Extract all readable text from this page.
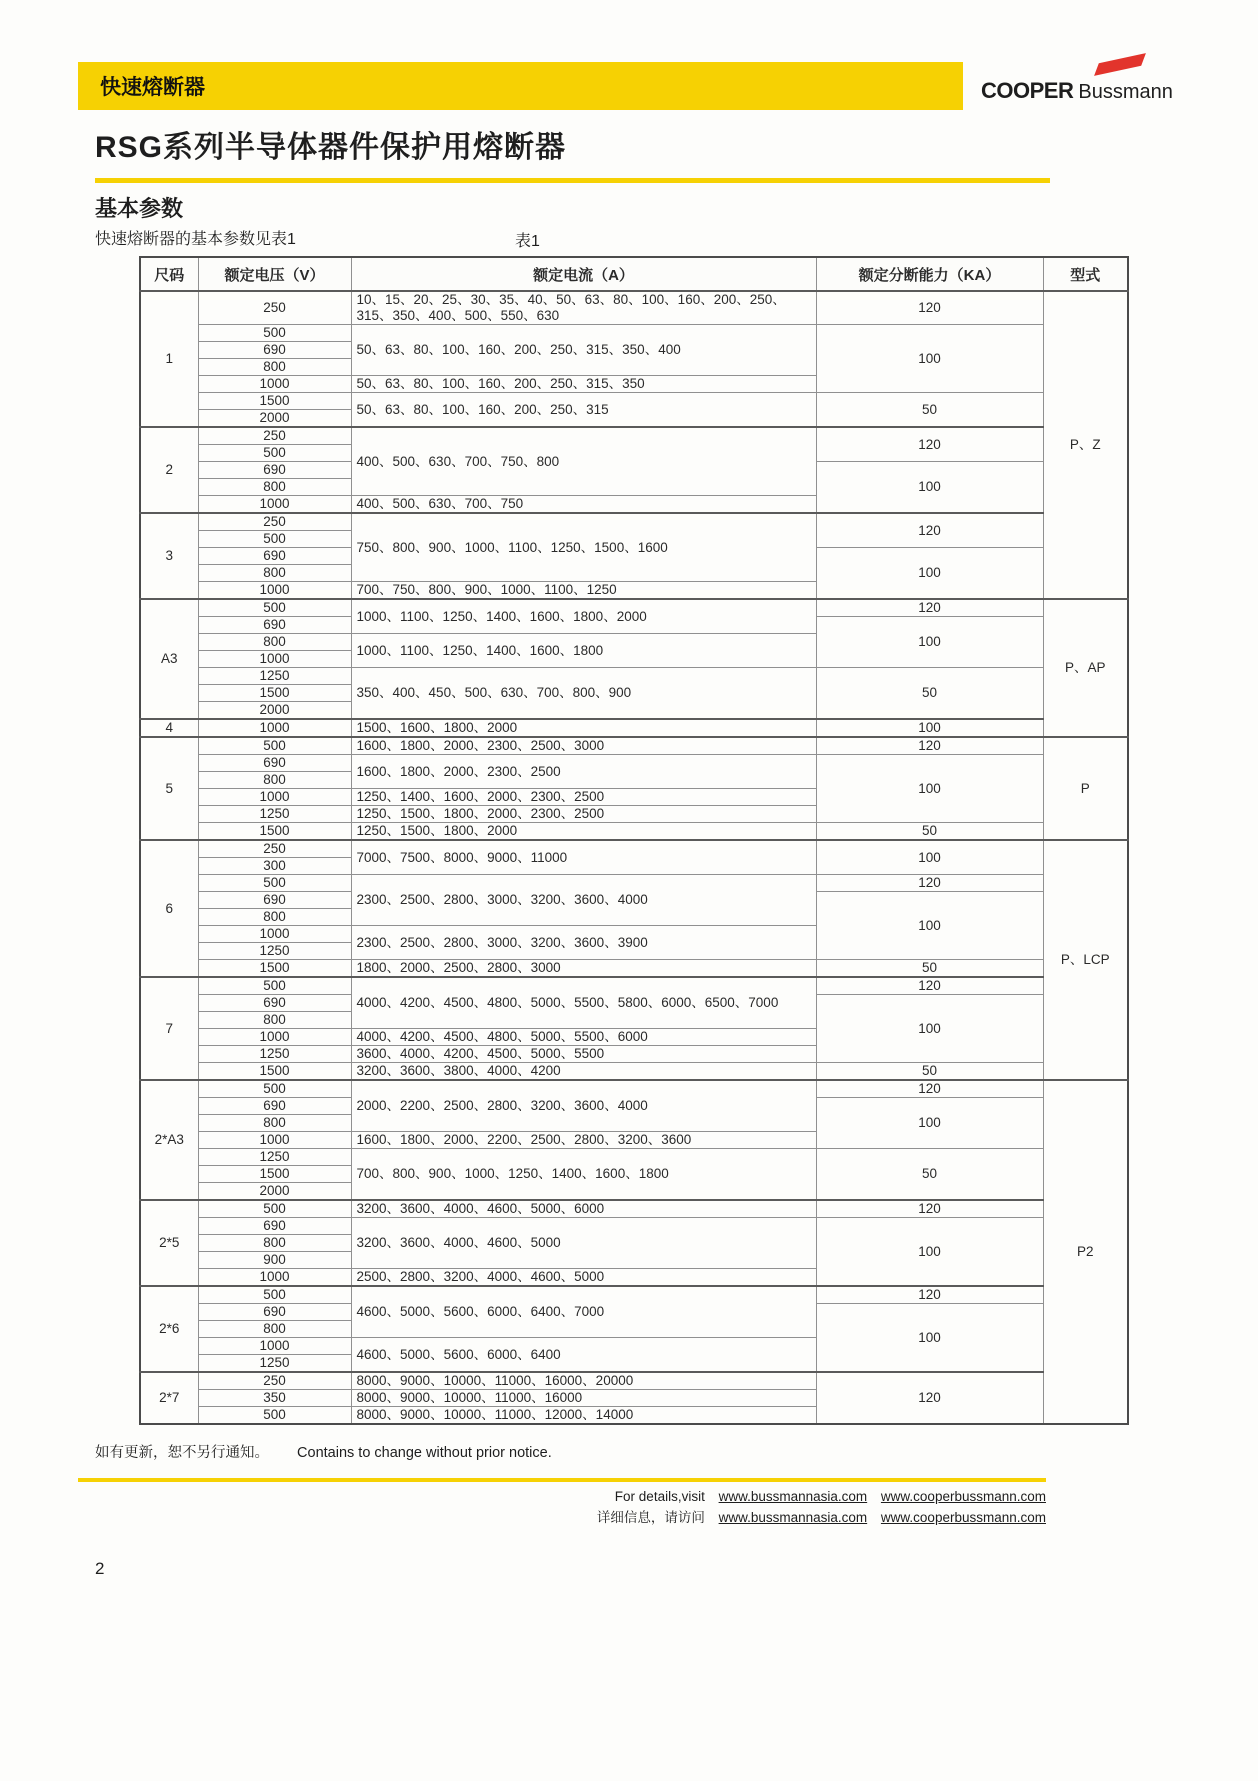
快速熔断器	COOPER Bussmann
RSG系列半导体器件保护用熔断器
基本参数
快速熔断器的基本参数见表1	表1
尺码	额定电压（V）	额定电流（A）	额定分断能力（KA）	型式
1	250	10、15、20、25、30、35、40、50、63、80、100、160、200、250、315、350、400、500、550、630	120	P、Z
	500	50、63、80、100、160、200、250、315、350、400	100	
	690			
	800			
	1000	50、63、80、100、160、200、250、315、350		
	1500	50、63、80、100、160、200、250、315	50	
	2000			
2	250	400、500、630、700、750、800	120	
	500			
	690		100	
	800			
	1000	400、500、630、700、750		
3	250	750、800、900、1000、1100、1250、1500、1600	120	
	500			
	690		100	
	800			
	1000	700、750、800、900、1000、1100、1250		
A3	500	1000、1100、1250、1400、1600、1800、2000	120	P、AP
	690		100	
	800	1000、1100、1250、1400、1600、1800		
	1000			
	1250	350、400、450、500、630、700、800、900	50	
	1500			
	2000			
4	1000	1500、1600、1800、2000	100	
5	500	1600、1800、2000、2300、2500、3000	120	P
	690	1600、1800、2000、2300、2500	100	
	800			
	1000	1250、1400、1600、2000、2300、2500		
	1250	1250、1500、1800、2000、2300、2500		
	1500	1250、1500、1800、2000	50	
6	250	7000、7500、8000、9000、11000	100	P、LCP
	300			
	500	2300、2500、2800、3000、3200、3600、4000	120	
	690		100	
	800			
	1000	2300、2500、2800、3000、3200、3600、3900		
	1250			
	1500	1800、2000、2500、2800、3000	50	
7	500	4000、4200、4500、4800、5000、5500、5800、6000、6500、7000	120	
	690		100	
	800			
	1000	4000、4200、4500、4800、5000、5500、6000		
	1250	3600、4000、4200、4500、5000、5500		
	1500	3200、3600、3800、4000、4200	50	
2*A3	500	2000、2200、2500、2800、3200、3600、4000	120	P2
	690		100	
	800			
	1000	1600、1800、2000、2200、2500、2800、3200、3600		
	1250	700、800、900、1000、1250、1400、1600、1800	50	
	1500			
	2000			
2*5	500	3200、3600、4000、4600、5000、6000	120	
	690	3200、3600、4000、4600、5000	100	
	800			
	900			
	1000	2500、2800、3200、4000、4600、5000		
2*6	500	4600、5000、5600、6000、6400、7000	120	
	690		100	
	800			
	1000	4600、5000、5600、6000、6400		
	1250			
2*7	250	8000、9000、10000、11000、16000、20000	120	
	350	8000、9000、10000、11000、16000		
	500	8000、9000、10000、11000、12000、14000		
如有更新，恕不另行通知。 Contains to change without prior notice.
For details,visit www.bussmannasia.com www.cooperbussmann.com
详细信息，请访问 www.bussmannasia.com www.cooperbussmann.com
2
